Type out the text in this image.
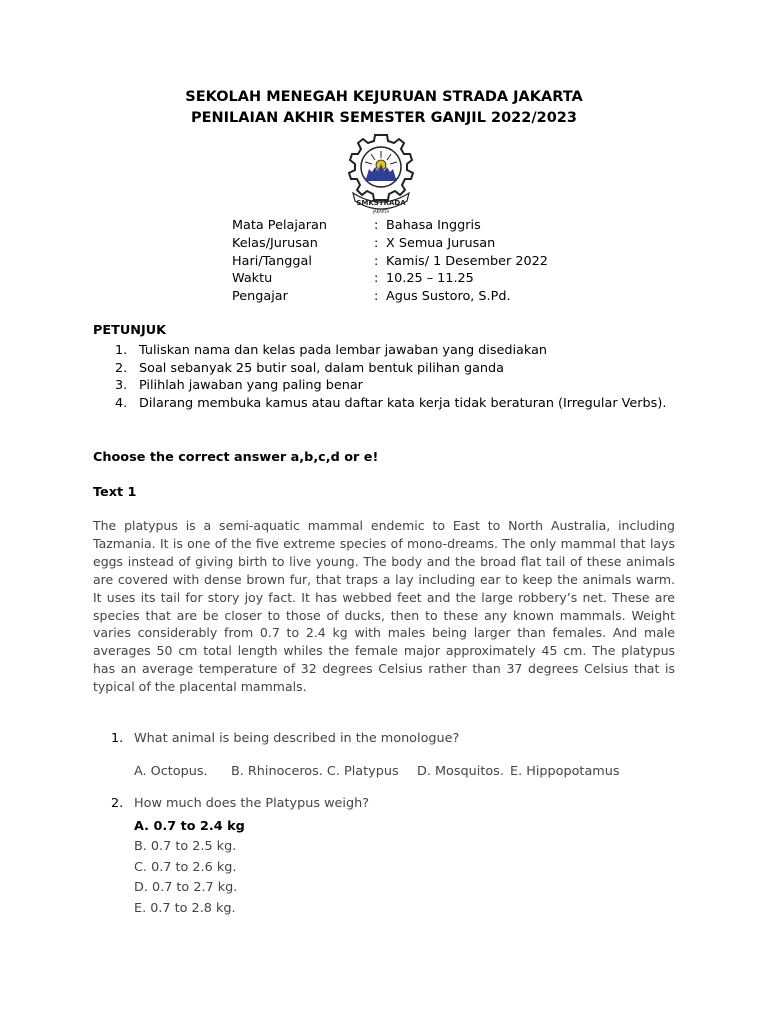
SEKOLAH MENEGAH KEJURUAN STRADA JAKARTA
PENILAIAN AKHIR SEMESTER GANJIL 2022/2023
SMKSTRADA
JAKARTA
Mata Pelajaran	: Bahasa Inggris
Kelas/Jurusan	: X Semua Jurusan
Hari/Tanggal	: Kamis/ 1 Desember 2022
Waktu	: 10.25 – 11.25
Pengajar	: Agus Sustoro, S.Pd.
PETUNJUK
1. Tuliskan nama dan kelas pada lembar jawaban yang disediakan
2. Soal sebanyak 25 butir soal, dalam bentuk pilihan ganda
3. Pilihlah jawaban yang paling benar
4. Dilarang membuka kamus atau daftar kata kerja tidak beraturan (Irregular Verbs).
Choose the correct answer a,b,c,d or e!
Text 1
The platypus is a semi-aquatic mammal endemic to East to North Australia, including Tazmania. It is one of the five extreme species of mono-dreams. The only mammal that lays eggs instead of giving birth to live young. The body and the broad flat tail of these animals are covered with dense brown fur, that traps a lay including ear to keep the animals warm. It uses its tail for story joy fact. It has webbed feet and the large robbery’s net. These are species that are be closer to those of ducks, then to these any known mammals. Weight varies considerably from 0.7 to 2.4 kg with males being larger than females. And male averages 50 cm total length whiles the female major approximately 45 cm. The platypus has an average temperature of 32 degrees Celsius rather than 37 degrees Celsius that is typical of the placental mammals.
1. What animal is being described in the monologue?
A. Octopus. B. Rhinoceros. C. Platypus D. Mosquitos. E. Hippopotamus
2. How much does the Platypus weigh?
A. 0.7 to 2.4 kg
B. 0.7 to 2.5 kg.
C. 0.7 to 2.6 kg.
D. 0.7 to 2.7 kg.
E. 0.7 to 2.8 kg.
